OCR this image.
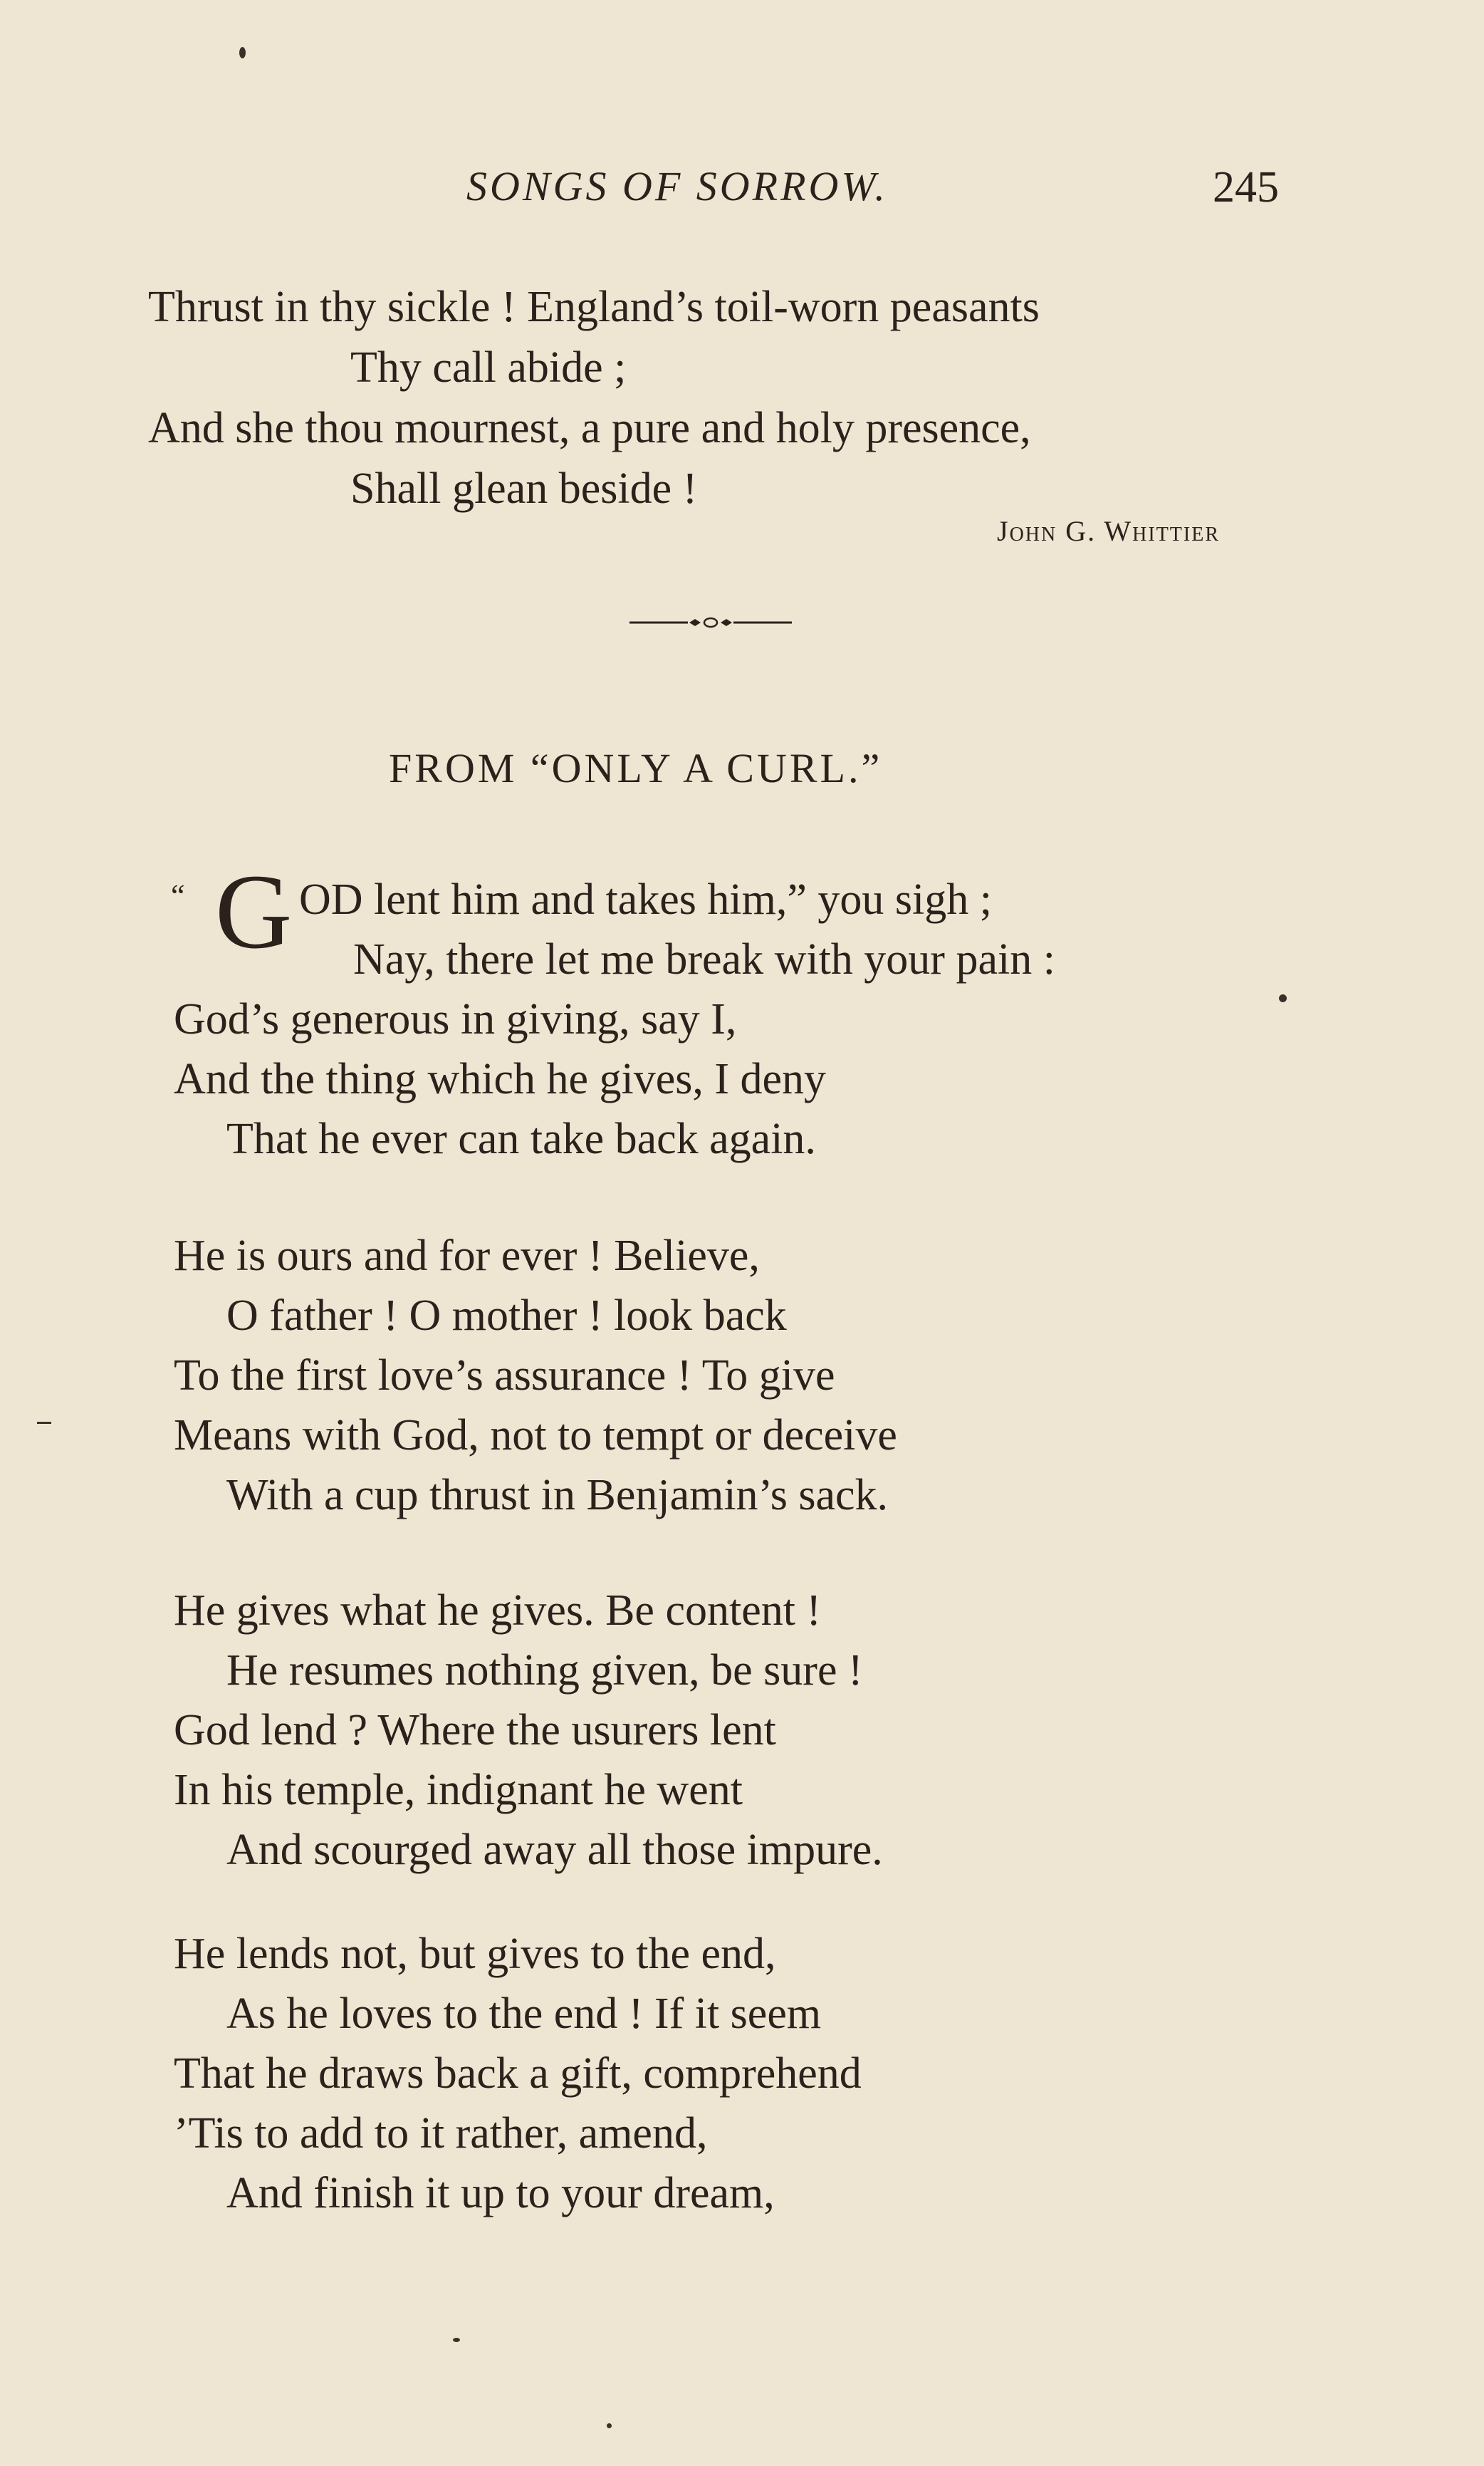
SONGS OF SORROW.	245
Thrust in thy sickle ! England’s toil-worn peasants
Thy call abide ;
And she thou mournest, a pure and holy presence,
Shall glean beside !
John G. Whittier
FROM “ONLY A CURL.”
“ G OD lent him and takes him,” you sigh ;
Nay, there let me break with your pain :
God’s generous in giving, say I,
And the thing which he gives, I deny
That he ever can take back again.
He is ours and for ever ! Believe,
O father ! O mother ! look back
To the first love’s assurance ! To give
Means with God, not to tempt or deceive
With a cup thrust in Benjamin’s sack.
He gives what he gives. Be content !
He resumes nothing given, be sure !
God lend ? Where the usurers lent
In his temple, indignant he went
And scourged away all those impure.
He lends not, but gives to the end,
As he loves to the end ! If it seem
That he draws back a gift, comprehend
’Tis to add to it rather, amend,
And finish it up to your dream,
